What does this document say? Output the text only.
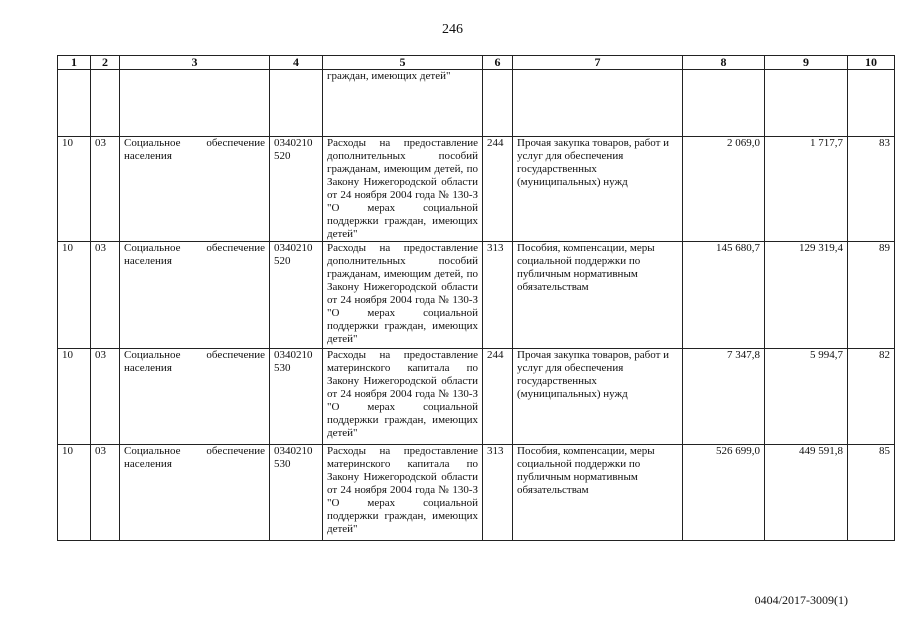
246
1	2	3	4	5	6	7	8	9	10
				граждан, имеющих детей"					
10	03	Социальное обеспечение населения	0340210 520	Расходы на предоставление дополнительных пособий гражданам, имеющим детей, по Закону Нижегородской области от 24 ноября 2004 года № 130-З "О мерах социальной поддержки граждан, имеющих детей"	244	Прочая закупка товаров, работ и услуг для обеспечения государственных (муниципальных) нужд	2 069,0	1 717,7	83
10	03	Социальное обеспечение населения	0340210 520	Расходы на предоставление дополнительных пособий гражданам, имеющим детей, по Закону Нижегородской области от 24 ноября 2004 года № 130-З "О мерах социальной поддержки граждан, имеющих детей"	313	Пособия, компенсации, меры социальной поддержки по публичным нормативным обязательствам	145 680,7	129 319,4	89
10	03	Социальное обеспечение населения	0340210 530	Расходы на предоставление материнского капитала по Закону Нижегородской области от 24 ноября 2004 года № 130-З "О мерах социальной поддержки граждан, имеющих детей"	244	Прочая закупка товаров, работ и услуг для обеспечения государственных (муниципальных) нужд	7 347,8	5 994,7	82
10	03	Социальное обеспечение населения	0340210 530	Расходы на предоставление материнского капитала по Закону Нижегородской области от 24 ноября 2004 года № 130-З "О мерах социальной поддержки граждан, имеющих детей"	313	Пособия, компенсации, меры социальной поддержки по публичным нормативным обязательствам	526 699,0	449 591,8	85
0404/2017-3009(1)
